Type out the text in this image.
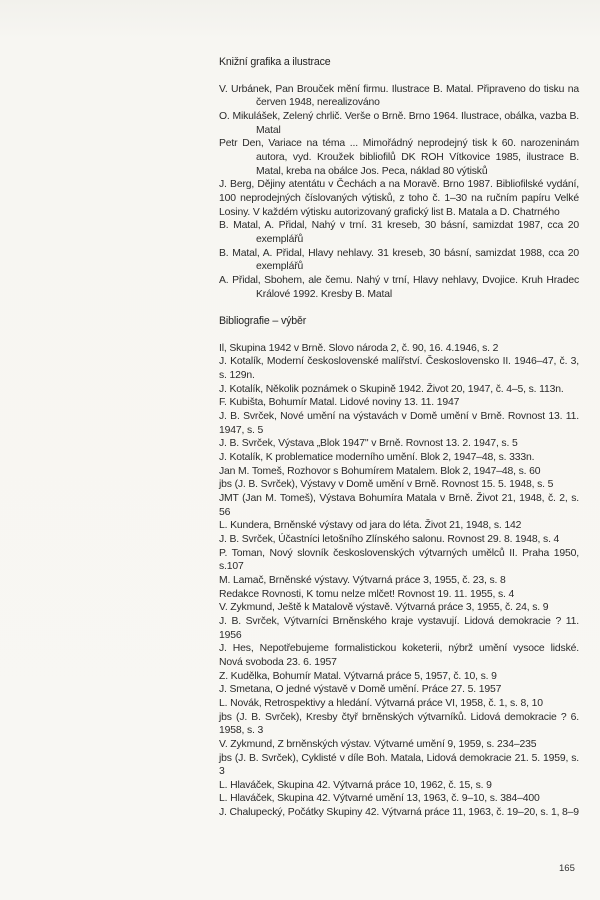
Knižní grafika a ilustrace

V. Urbánek, Pan Brouček mění firmu. Ilustrace B. Matal. Připraveno do tisku na červen 1948, nerealizováno

O. Mikulášek, Zelený chrlič. Verše o Brně. Brno 1964. Ilustrace, obálka, vazba B. Matal

Petr Den, Variace na téma ... Mimořádný neprodejný tisk k 60. narozeninám autora, vyd. Kroužek bibliofilů DK ROH Vítkovice 1985, ilustrace B. Matal, kreba na obálce Jos. Peca, náklad 80 výtisků

J. Berg, Dějiny atentátu v Čechách a na Moravě. Brno 1987. Bibliofilské vydání, 100 neprodejných číslovaných výtisků, z toho č. 1–30 na ručním papíru Velké Losiny. V každém výtisku autorizovaný grafický list B. Matala a D. Chatrného

B. Matal, A. Přidal, Nahý v trní. 31 kreseb, 30 básní, samizdat 1987, cca 20 exemplářů

B. Matal, A. Přidal, Hlavy nehlavy. 31 kreseb, 30 básní, samizdat 1988, cca 20 exemplářů

A. Přidal, Sbohem, ale čemu. Nahý v trní, Hlavy nehlavy, Dvojice. Kruh Hradec Králové 1992. Kresby B. Matal

Bibliografie – výběr

Il, Skupina 1942 v Brně. Slovo národa 2, č. 90, 16. 4.1946, s. 2

J. Kotalík, Moderní československé malířství. Československo II. 1946–47, č. 3, s. 129n.

J. Kotalík, Několik poznámek o Skupině 1942. Život 20, 1947, č. 4–5, s. 113n.

F. Kubišta, Bohumír Matal. Lidové noviny 13. 11. 1947

J. B. Svrček, Nové umění na výstavách v Domě umění v Brně. Rovnost 13. 11. 1947, s. 5

J. B. Svrček, Výstava „Blok 1947" v Brně. Rovnost 13. 2. 1947, s. 5

J. Kotalík, K problematice moderního umění. Blok 2, 1947–48, s. 333n.

Jan M. Tomeš, Rozhovor s Bohumírem Matalem. Blok 2, 1947–48, s. 60

jbs (J. B. Svrček), Výstavy v Domě umění v Brně. Rovnost 15. 5. 1948, s. 5

JMT (Jan M. Tomeš), Výstava Bohumíra Matala v Brně. Život 21, 1948, č. 2, s. 56

L. Kundera, Brněnské výstavy od jara do léta. Život 21, 1948, s. 142

J. B. Svrček, Účastníci letošního Zlínského salonu. Rovnost 29. 8. 1948, s. 4

P. Toman, Nový slovník československých výtvarných umělců II. Praha 1950, s.107

M. Lamač, Brněnské výstavy. Výtvarná práce 3, 1955, č. 23, s. 8

Redakce Rovnosti, K tomu nelze mlčet! Rovnost 19. 11. 1955, s. 4

V. Zykmund, Ještě k Matalově výstavě. Výtvarná práce 3, 1955, č. 24, s. 9

J. B. Svrček, Výtvarníci Brněnského kraje vystavují. Lidová demokracie ? 11. 1956

J. Hes, Nepotřebujeme formalistickou koketerii, nýbrž umění vysoce lidské. Nová svoboda 23. 6. 1957

Z. Kudělka, Bohumír Matal. Výtvarná práce 5, 1957, č. 10, s. 9

J. Smetana, O jedné výstavě v Domě umění. Práce 27. 5. 1957

L. Novák, Retrospektivy a hledání. Výtvarná práce VI, 1958, č. 1, s. 8, 10

jbs (J. B. Svrček), Kresby čtyř brněnských výtvarníků. Lidová demokracie ? 6. 1958, s. 3

V. Zykmund, Z brněnských výstav. Výtvarné umění 9, 1959, s. 234–235

jbs (J. B. Svrček), Cyklisté v díle Boh. Matala, Lidová demokracie 21. 5. 1959, s. 3

L. Hlaváček, Skupina 42. Výtvarná práce 10, 1962, č. 15, s. 9

L. Hlaváček, Skupina 42. Výtvarné umění 13, 1963, č. 9–10, s. 384–400

J. Chalupecký, Počátky Skupiny 42. Výtvarná práce 11, 1963, č. 19–20, s. 1, 8–9

165
